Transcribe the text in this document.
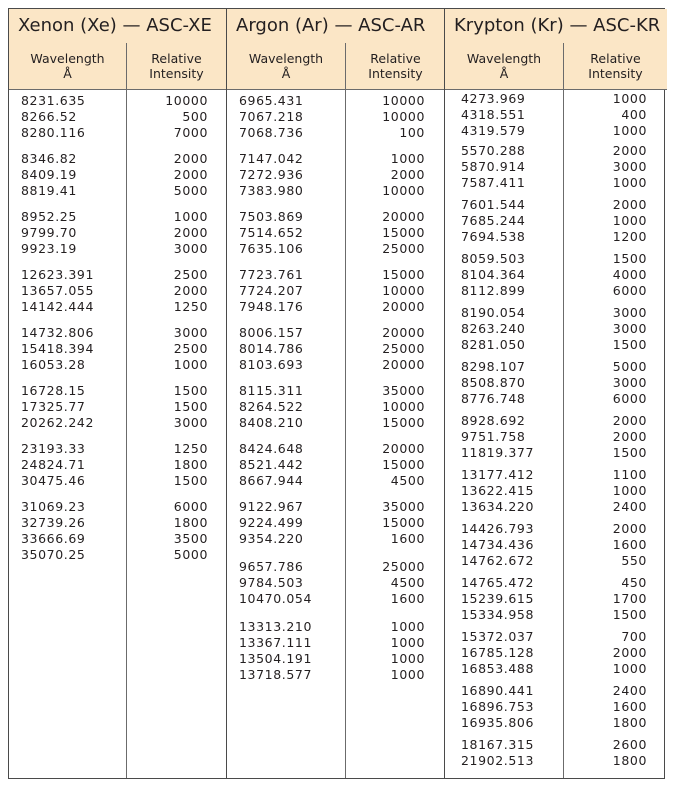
Xenon (Xe) — ASC-XE
Wavelength
Å
Relative
Intensity
8231.635	10000
8266.52	500
8280.116	7000
8346.82	2000
8409.19	2000
8819.41	5000
8952.25	1000
9799.70	2000
9923.19	3000
12623.391	2500
13657.055	2000
14142.444	1250
14732.806	3000
15418.394	2500
16053.28	1000
16728.15	1500
17325.77	1500
20262.242	3000
23193.33	1250
24824.71	1800
30475.46	1500
31069.23	6000
32739.26	1800
33666.69	3500
35070.25	5000
Argon (Ar) — ASC-AR
Wavelength
Å
Relative
Intensity
6965.431	10000
7067.218	10000
7068.736	100
7147.042	1000
7272.936	2000
7383.980	10000
7503.869	20000
7514.652	15000
7635.106	25000
7723.761	15000
7724.207	10000
7948.176	20000
8006.157	20000
8014.786	25000
8103.693	20000
8115.311	35000
8264.522	10000
8408.210	15000
8424.648	20000
8521.442	15000
8667.944	4500
9122.967	35000
9224.499	15000
9354.220	1600
9657.786	25000
9784.503	4500
10470.054	1600
13313.210	1000
13367.111	1000
13504.191	1000
13718.577	1000
Krypton (Kr) — ASC-KR
Wavelength
Å
Relative
Intensity
4273.969	1000
4318.551	400
4319.579	1000
5570.288	2000
5870.914	3000
7587.411	1000
7601.544	2000
7685.244	1000
7694.538	1200
8059.503	1500
8104.364	4000
8112.899	6000
8190.054	3000
8263.240	3000
8281.050	1500
8298.107	5000
8508.870	3000
8776.748	6000
8928.692	2000
9751.758	2000
11819.377	1500
13177.412	1100
13622.415	1000
13634.220	2400
14426.793	2000
14734.436	1600
14762.672	550
14765.472	450
15239.615	1700
15334.958	1500
15372.037	700
16785.128	2000
16853.488	1000
16890.441	2400
16896.753	1600
16935.806	1800
18167.315	2600
21902.513	1800
